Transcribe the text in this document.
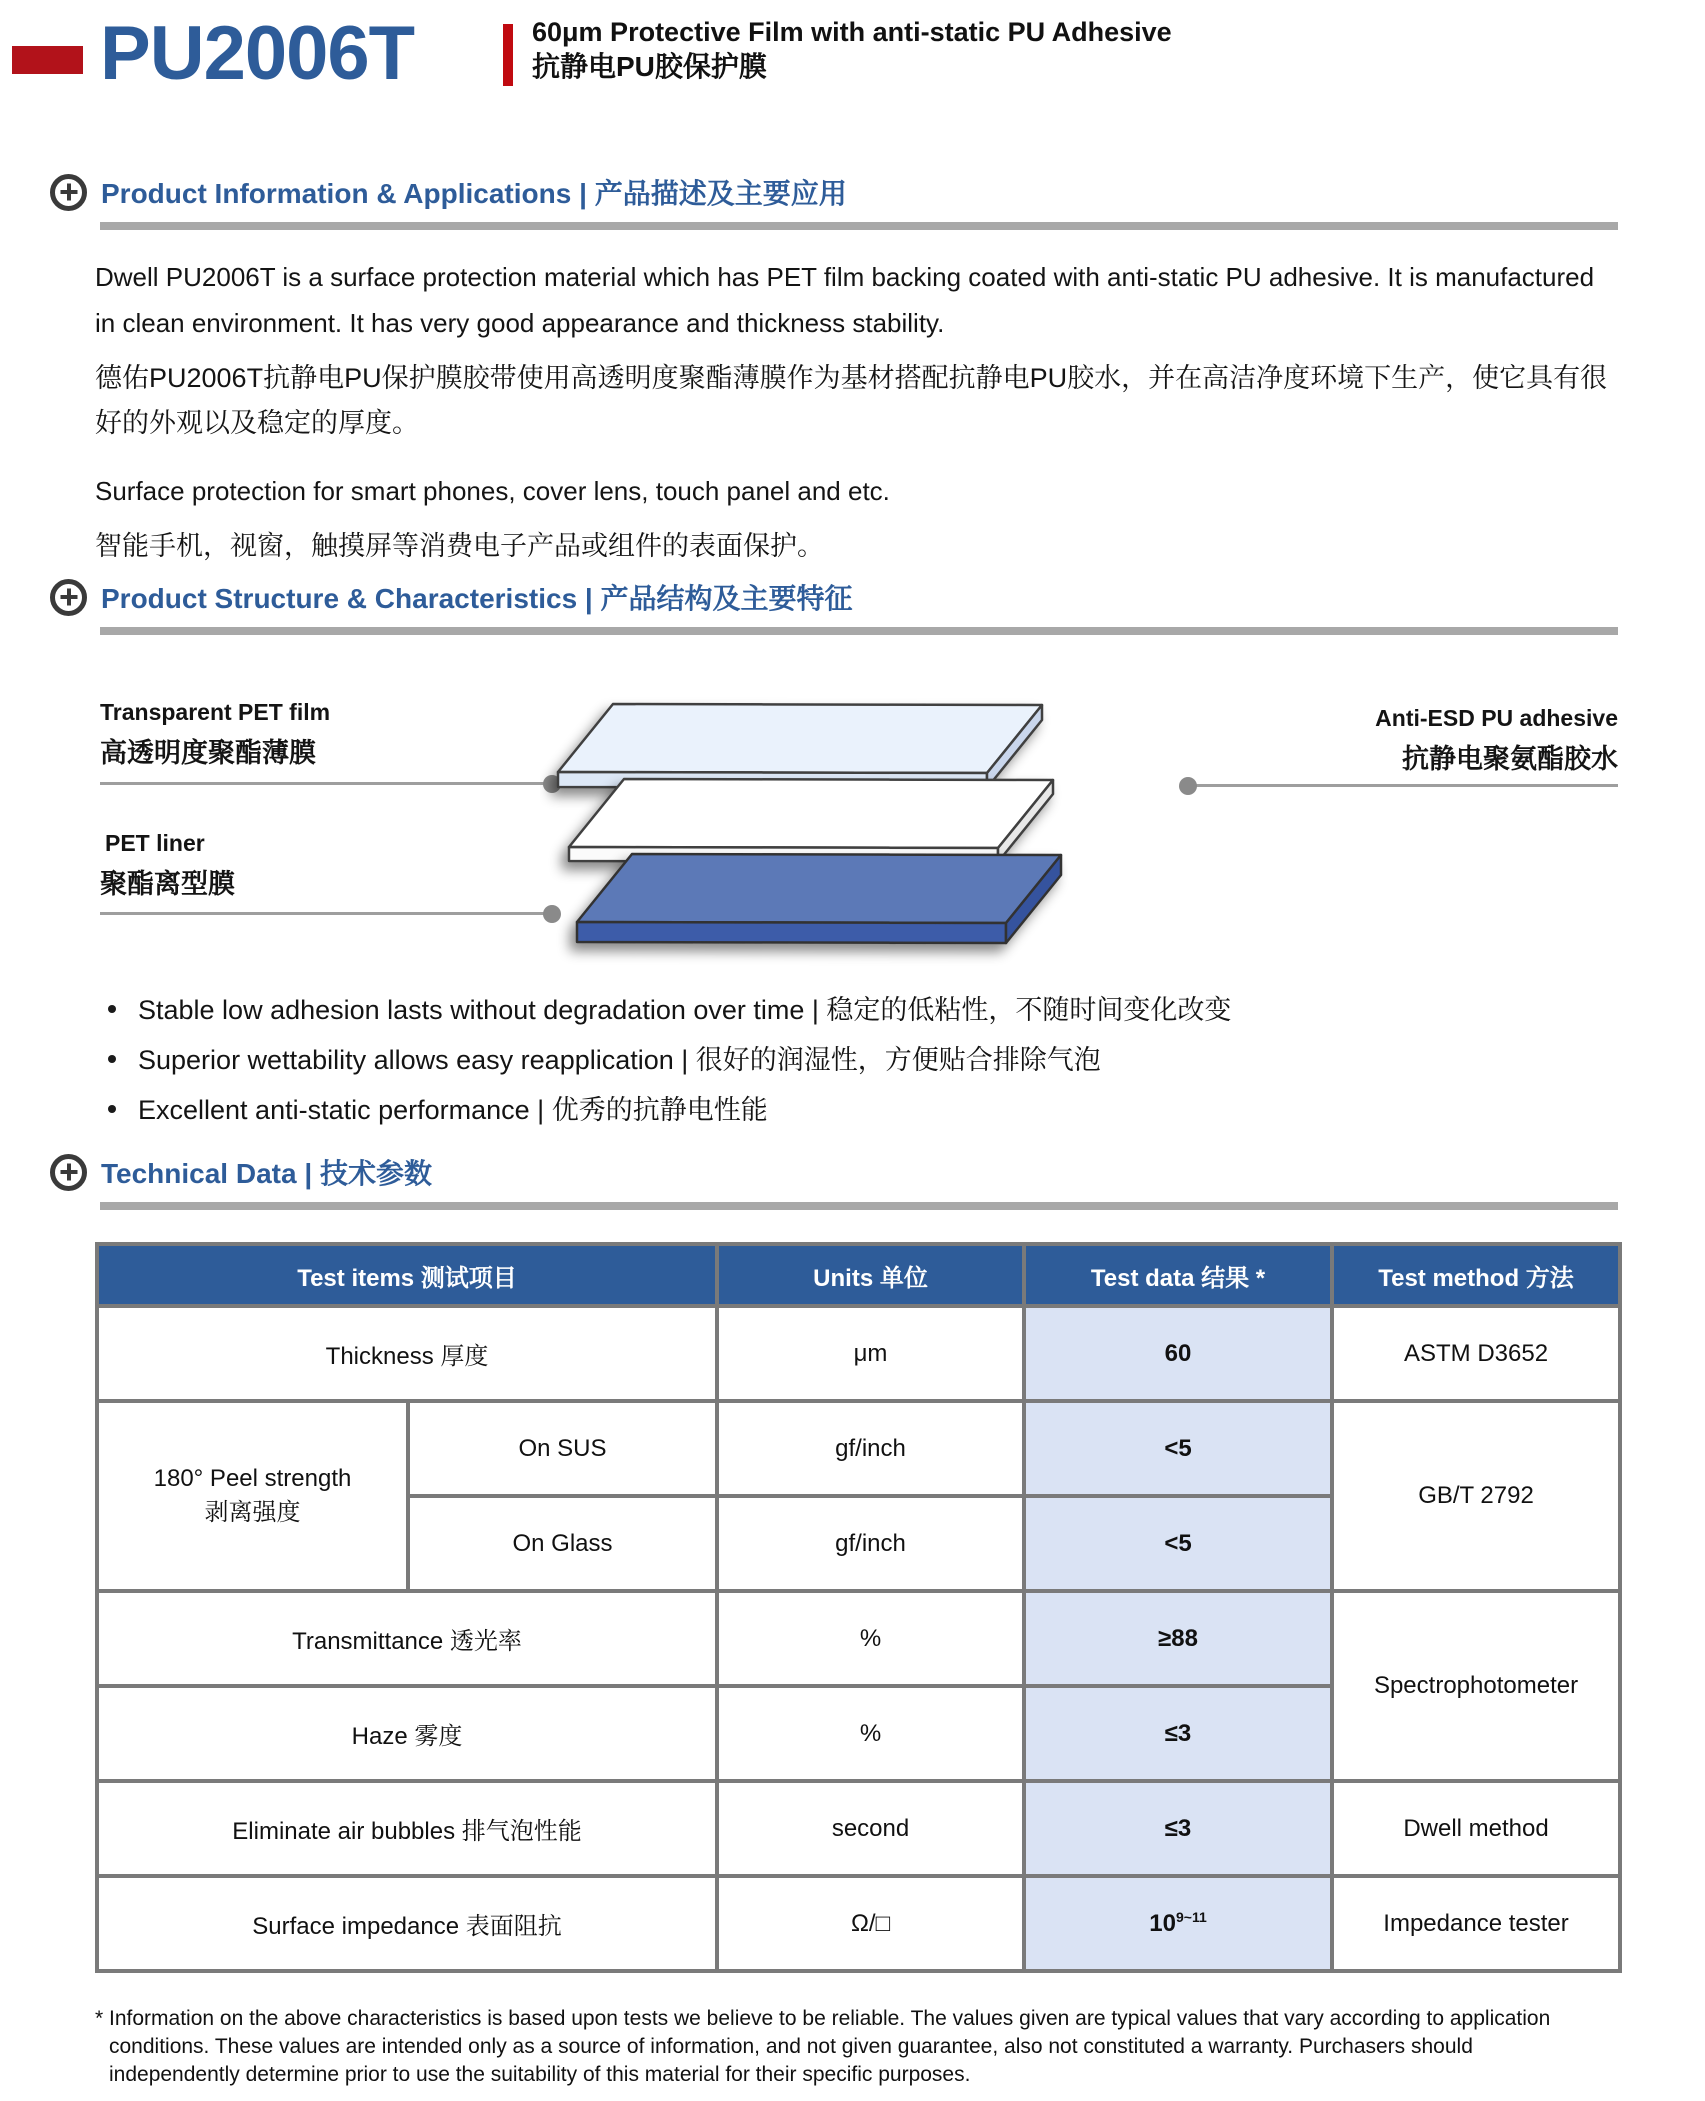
PU2006T	60μm Protective Film with anti-static PU Adhesive
抗静电PU胶保护膜
Product Information & Applications | 产品描述及主要应用

Dwell PU2006T is a surface protection material which has PET film backing coated with anti-static PU adhesive. It is manufactured in clean environment. It has very good appearance and thickness stability.

德佑PU2006T抗静电PU保护膜胶带使用高透明度聚酯薄膜作为基材搭配抗静电PU胶水，并在高洁净度环境下生产，使它具有很好的外观以及稳定的厚度。

Surface protection for smart phones, cover lens, touch panel and etc.

智能手机，视窗，触摸屏等消费电子产品或组件的表面保护。

Product Structure & Characteristics | 产品结构及主要特征
Transparent PET film
高透明度聚酯薄膜
PET liner
聚酯离型膜
Anti-ESD PU adhesive
抗静电聚氨酯胶水
Stable low adhesion lasts without degradation over time | 稳定的低粘性，不随时间变化改变
Superior wettability allows easy reapplication | 很好的润湿性，方便贴合排除气泡
Excellent anti-static performance | 优秀的抗静电性能
Technical Data | 技术参数
Test items 测试项目		Units 单位	Test data 结果 *	Test method 方法
Thickness 厚度		μm	60	ASTM D3652

180° Peel strength
剥离强度	On SUS	gf/inch	<5	GB/T 2792
	On Glass	gf/inch	<5	
Transmittance 透光率		%	≥88	Spectrophotometer
Haze 雾度		%	≤3	
Eliminate air bubbles 排气泡性能		second	≤3	Dwell method
Surface impedance 表面阻抗		Ω/□	$10^{9\sim 11}$	Impedance tester

* Information on the above characteristics is based upon tests we believe to be reliable. The values given are typical values that vary according to application conditions. These values are intended only as a source of information, and not given guarantee, also not constituted a warranty. Purchasers should independently determine prior to use the suitability of this material for their specific purposes.
